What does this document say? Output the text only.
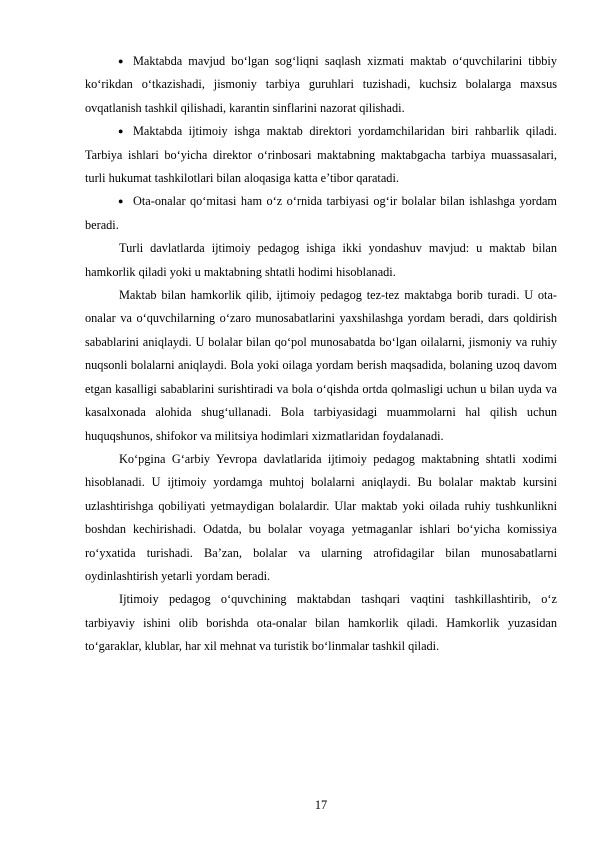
● Maktabda mavjud bo‘lgan sog‘liqni saqlash xizmati maktab o‘quvchilarini tibbiy ko‘rikdan o‘tkazishadi, jismoniy tarbiya guruhlari tuzishadi, kuchsiz bolalarga maxsus ovqatlanish tashkil qilishadi, karantin sinflarini nazorat qilishadi.

● Maktabda ijtimoiy ishga maktab direktori yordamchilaridan biri rahbarlik qiladi. Tarbiya ishlari bo‘yicha direktor o‘rinbosari maktabning maktabgacha tarbiya muassasalari, turli hukumat tashkilotlari bilan aloqasiga katta e’tibor qaratadi.

● Ota-onalar qo‘mitasi ham o‘z o‘rnida tarbiyasi og‘ir bolalar bilan ishlashga yordam beradi.

Turli davlatlarda ijtimoiy pedagog ishiga ikki yondashuv mavjud: u maktab bilan hamkorlik qiladi yoki u maktabning shtatli hodimi hisoblanadi.

Maktab bilan hamkorlik qilib, ijtimoiy pedagog tez-tez maktabga borib turadi. U ota-onalar va o‘quvchilarning o‘zaro munosabatlarini yaxshilashga yordam beradi, dars qoldirish sabablarini aniqlaydi. U bolalar bilan qo‘pol munosabatda bo‘lgan oilalarni, jismoniy va ruhiy nuqsonli bolalarni aniqlaydi. Bola yoki oilaga yordam berish maqsadida, bolaning uzoq davom etgan kasalligi sabablarini surishtiradi va bola o‘qishda ortda qolmasligi uchun u bilan uyda va kasalxonada alohida shug‘ullanadi. Bola tarbiyasidagi muammolarni hal qilish uchun huquqshunos, shifokor va militsiya hodimlari xizmatlaridan foydalanadi.

Ko‘pgina G‘arbiy Yevropa davlatlarida ijtimoiy pedagog maktabning shtatli xodimi hisoblanadi. U ijtimoiy yordamga muhtoj bolalarni aniqlaydi. Bu bolalar maktab kursini uzlashtirishga qobiliyati yetmaydigan bolalardir. Ular maktab yoki oilada ruhiy tushkunlikni boshdan kechirishadi. Odatda, bu bolalar voyaga yetmaganlar ishlari bo‘yicha komissiya ro‘yxatida turishadi. Ba’zan, bolalar va ularning atrofidagilar bilan munosabatlarni oydinlashtirish yetarli yordam beradi.

Ijtimoiy pedagog o‘quvchining maktabdan tashqari vaqtini tashkillashtirib, o‘z tarbiyaviy ishini olib borishda ota-onalar bilan hamkorlik qiladi. Hamkorlik yuzasidan to‘garaklar, klublar, har xil mehnat va turistik bo‘linmalar tashkil qiladi.

17
